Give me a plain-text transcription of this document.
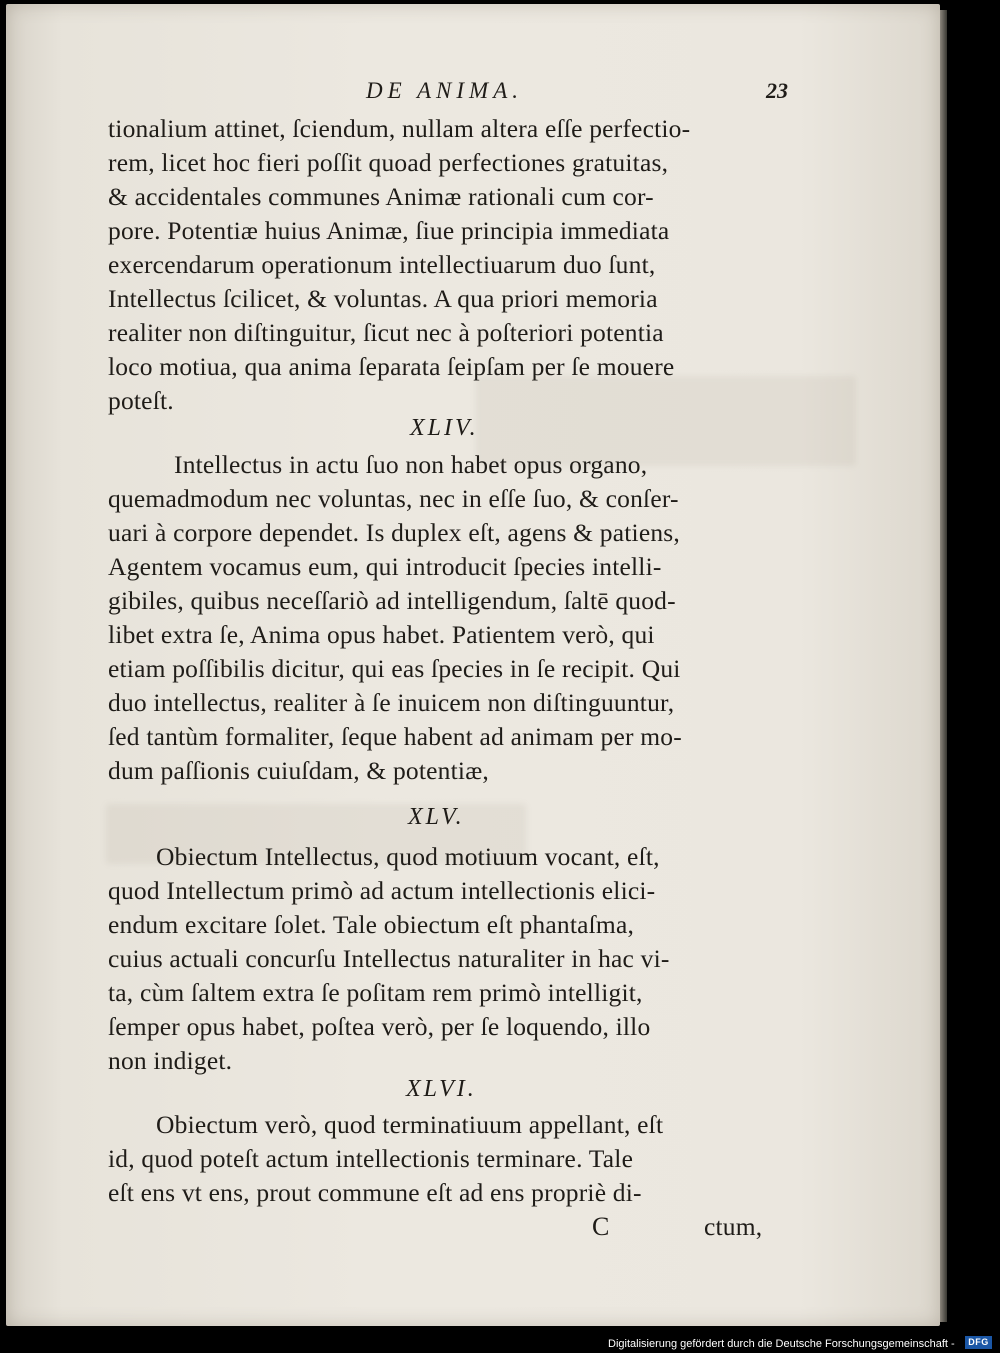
DE ANIMA.	23
tionalium attinet, ſciendum, nullam altera eſſe perfectio-
rem, licet hoc fieri poſſit quoad perfectiones gratuitas,
& accidentales communes Animæ rationali cum cor-
pore. Potentiæ huius Animæ, ſiue principia immediata
exercendarum operationum intellectiuarum duo ſunt,
Intellectus ſcilicet, & voluntas. A qua priori memoria
realiter non diſtinguitur, ſicut nec à poſteriori potentia
loco motiua, qua anima ſeparata ſeipſam per ſe mouere
poteſt.
XLIV.
Intellectus in actu ſuo non habet opus organo,
quemadmodum nec voluntas, nec in eſſe ſuo, & conſer-
uari à corpore dependet. Is duplex eſt, agens & patiens,
Agentem vocamus eum, qui introducit ſpecies intelli-
gibiles, quibus neceſſariò ad intelligendum, ſaltē quod-
libet extra ſe, Anima opus habet. Patientem verò, qui
etiam poſſibilis dicitur, qui eas ſpecies in ſe recipit. Qui
duo intellectus, realiter à ſe inuicem non diſtinguuntur,
ſed tantùm formaliter, ſeque habent ad animam per mo-
dum paſſionis cuiuſdam, & potentiæ,
XLV.
Obiectum Intellectus, quod motiuum vocant, eſt,
quod Intellectum primò ad actum intellectionis elici-
endum excitare ſolet. Tale obiectum eſt phantaſma,
cuius actuali concurſu Intellectus naturaliter in hac vi-
ta, cùm ſaltem extra ſe poſitam rem primò intelligit,
ſemper opus habet, poſtea verò, per ſe loquendo, illo
non indiget.
XLVI.
Obiectum verò, quod terminatiuum appellant, eſt
id, quod poteſt actum intellectionis terminare. Tale
eſt ens vt ens, prout commune eſt ad ens propriè di-
C	ctum,
Digitalisierung gefördert durch die Deutsche Forschungsgemeinschaft -	DFG
